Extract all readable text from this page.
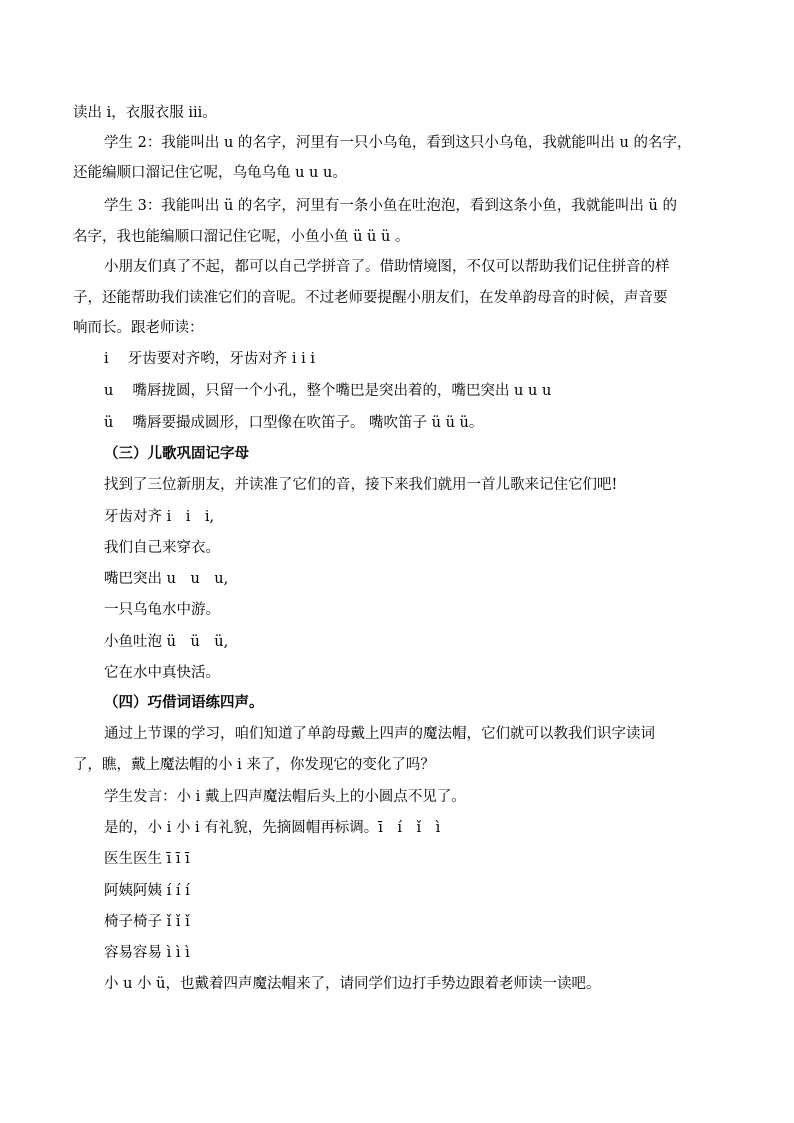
读出 i，衣服衣服 iii。
学生 2：我能叫出 u 的名字，河里有一只小乌龟，看到这只小乌龟，我就能叫出 u 的名字，
还能编顺口溜记住它呢，乌龟乌龟 u u u。
学生 3：我能叫出 ü 的名字，河里有一条小鱼在吐泡泡，看到这条小鱼，我就能叫出 ü 的
名字，我也能编顺口溜记住它呢，小鱼小鱼 ü ü ü 。
小朋友们真了不起，都可以自己学拼音了。借助情境图，不仅可以帮助我们记住拼音的样
子，还能帮助我们读准它们的音呢。不过老师要提醒小朋友们，在发单韵母音的时候，声音要
响而长。跟老师读：
i　 牙齿要对齐哟，牙齿对齐 i i i
u　 嘴唇拢圆，只留一个小孔，整个嘴巴是突出着的，嘴巴突出 u u u
ü　 嘴唇要撮成圆形，口型像在吹笛子。 嘴吹笛子 ü ü ü。
（三）儿歌巩固记字母
找到了三位新朋友，并读准了它们的音，接下来我们就用一首儿歌来记住它们吧!
牙齿对齐 i　i　i,
我们自己来穿衣。
嘴巴突出 u　u　u,
一只乌龟水中游。
小鱼吐泡 ü　ü　ü,
它在水中真快活。
（四）巧借词语练四声。
通过上节课的学习，咱们知道了单韵母戴上四声的魔法帽，它们就可以教我们识字读词
了，瞧，戴上魔法帽的小 i 来了，你发现它的变化了吗？
学生发言：小 i 戴上四声魔法帽后头上的小圆点不见了。
是的，小 i 小 i 有礼貌，先摘圆帽再标调。ī　í　ǐ　ì
医生医生 ī ī ī
阿姨阿姨 í í í
椅子椅子 ǐ ǐ ǐ
容易容易 ì ì ì
小 u 小 ü，也戴着四声魔法帽来了，请同学们边打手势边跟着老师读一读吧。
